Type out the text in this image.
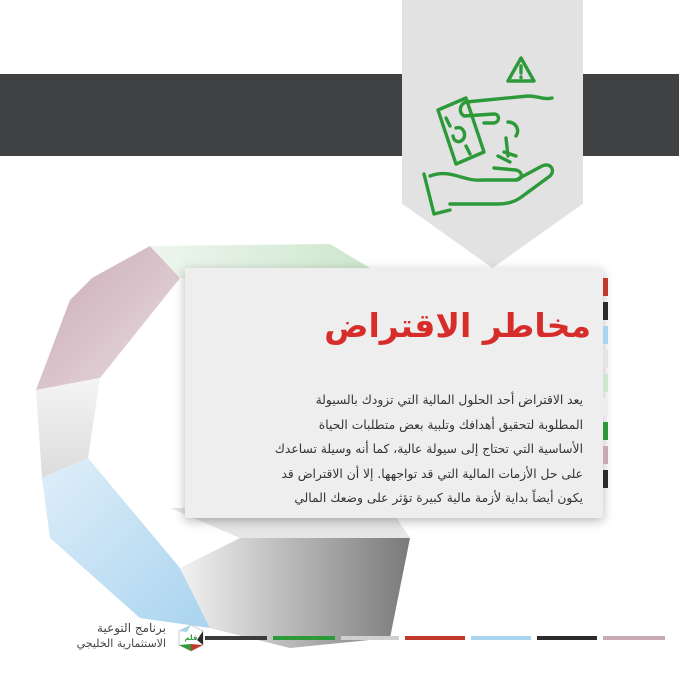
مخاطر الاقتراض

يعد الاقتراض أحد الحلول المالية التي تزودك بالسيولة
المطلوبة لتحقيق أهدافك وتلبية بعض متطلبات الحياة
الأساسية التي تحتاج إلى سيولة عالية، كما أنه وسيلة تساعدك
على حل الأزمات المالية التي قد تواجهها. إلا أن الاقتراض قد
يكون أيضاً بداية لأزمة مالية كبيرة تؤثر على وضعك المالي

قلم
برنامج التوعية
الاستثمارية الخليجي
